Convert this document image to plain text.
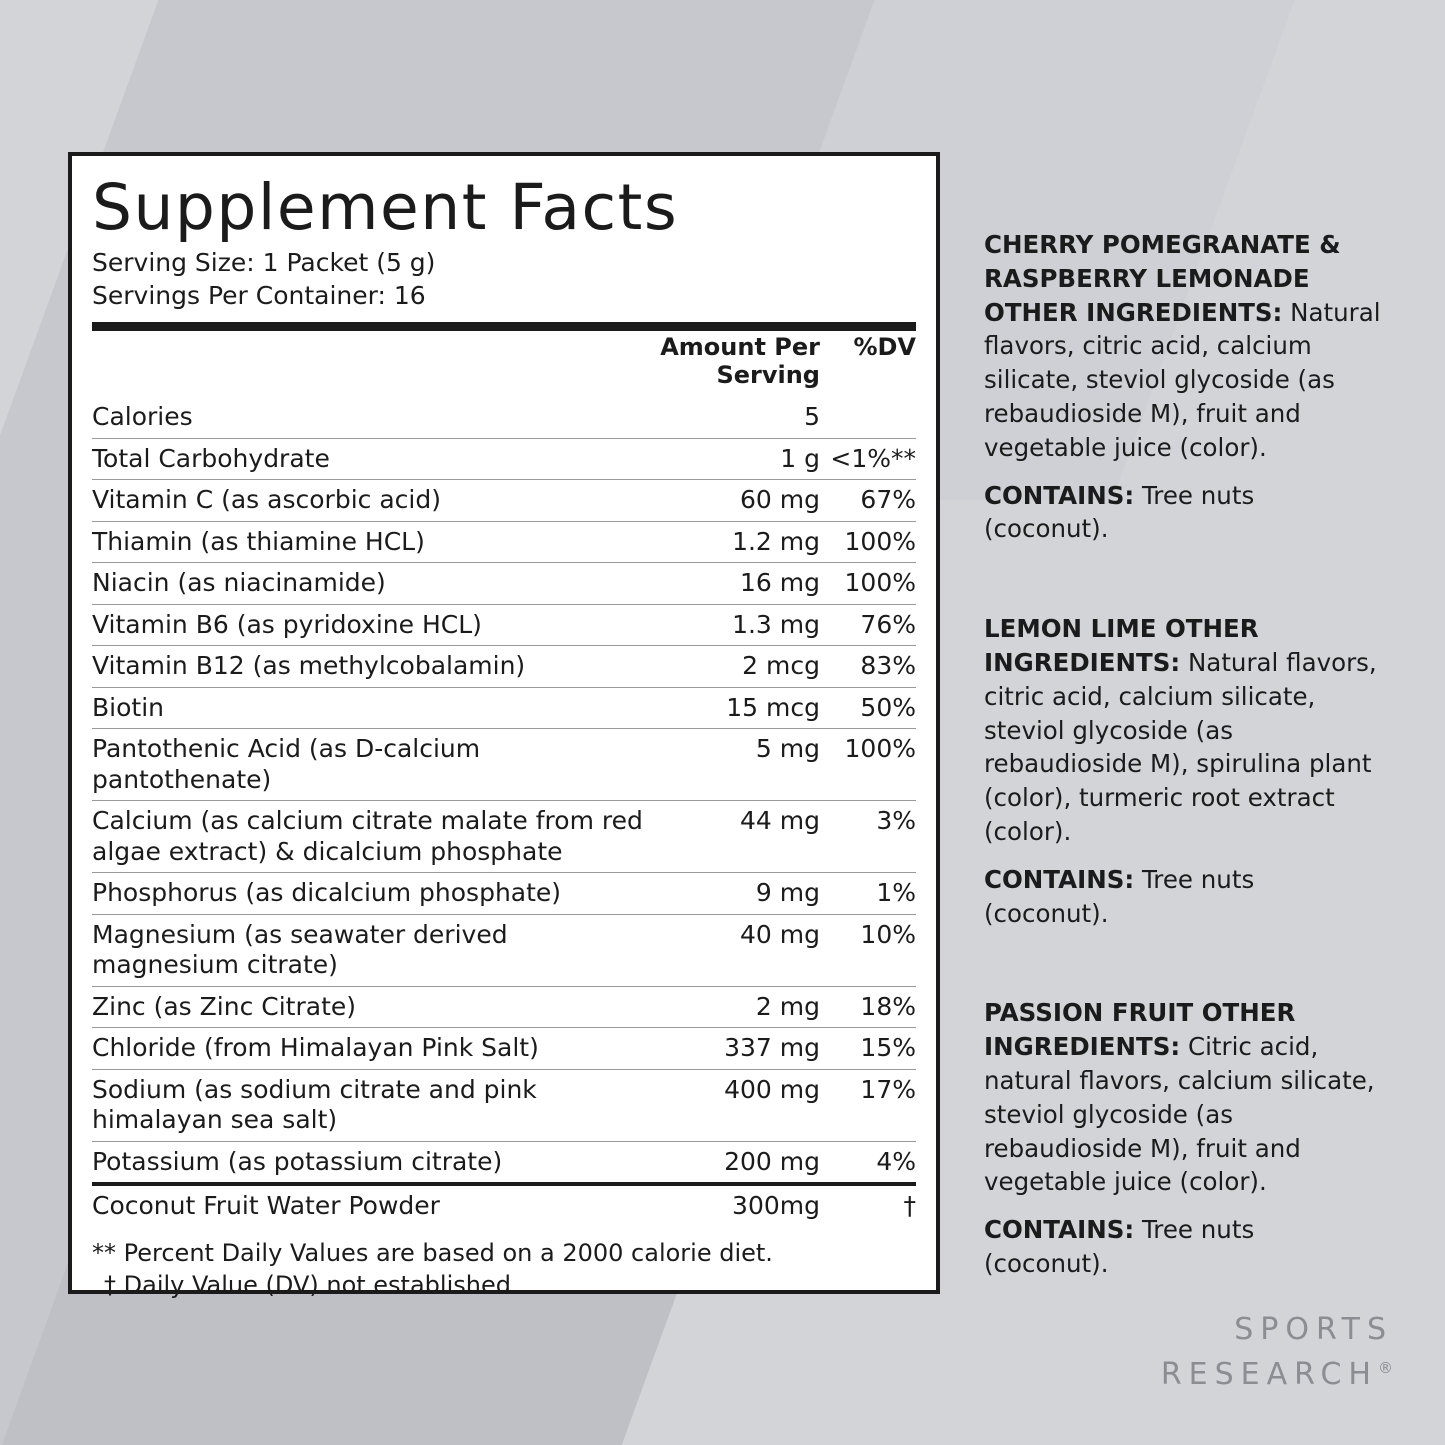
Supplement Facts
Serving Size: 1 Packet (5 g)
Servings Per Container: 16
	Amount Per Serving	%DV
Calories	5	
Total Carbohydrate	1 g	<1%**
Vitamin C (as ascorbic acid)	60 mg	67%
Thiamin (as thiamine HCL)	1.2 mg	100%
Niacin (as niacinamide)	16 mg	100%
Vitamin B6 (as pyridoxine HCL)	1.3 mg	76%
Vitamin B12 (as methylcobalamin)	2 mcg	83%
Biotin	15 mcg	50%
Pantothenic Acid (as D-calcium pantothenate)	5 mg	100%
Calcium (as calcium citrate malate from red algae extract) & dicalcium phosphate	44 mg	3%
Phosphorus (as dicalcium phosphate)	9 mg	1%
Magnesium (as seawater derived magnesium citrate)	40 mg	10%
Zinc (as Zinc Citrate)	2 mg	18%
Chloride (from Himalayan Pink Salt)	337 mg	15%
Sodium (as sodium citrate and pink himalayan sea salt)	400 mg	17%
Potassium (as potassium citrate)	200 mg	4%
Coconut Fruit Water Powder	300mg	†
** Percent Daily Values are based on a 2000 calorie diet.
† Daily Value (DV) not established.
CHERRY POMEGRANATE & RASPBERRY LEMONADE OTHER INGREDIENTS: Natural flavors, citric acid, calcium silicate, steviol glycoside (as rebaudioside M), fruit and vegetable juice (color).
CONTAINS: Tree nuts (coconut).
LEMON LIME OTHER INGREDIENTS: Natural flavors, citric acid, calcium silicate, steviol glycoside (as rebaudioside M), spirulina plant (color), turmeric root extract (color).
CONTAINS: Tree nuts (coconut).
PASSION FRUIT OTHER INGREDIENTS: Citric acid, natural flavors, calcium silicate, steviol glycoside (as rebaudioside M), fruit and vegetable juice (color).
CONTAINS: Tree nuts (coconut).
SPORTS
RESEARCH®
